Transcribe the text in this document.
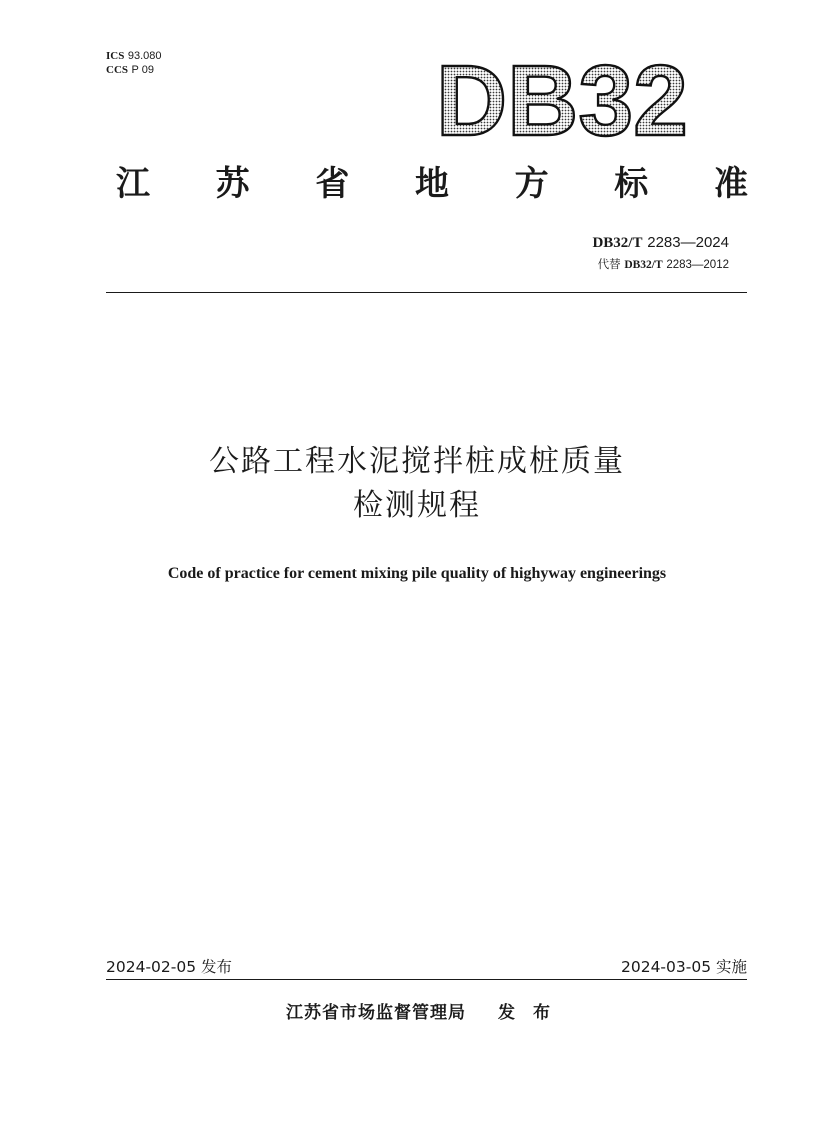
ICS 93.080
CCS P 09	DB32
江 苏 省 地 方 标 准
DB32/T 2283—2024
代替 DB32/T 2283—2012
公路工程水泥搅拌桩成桩质量
检测规程
Code of practice for cement mixing pile quality of highyway engineerings
2024-02-05 发布	2024-03-05 实施
江苏省市场监督管理局 发布
